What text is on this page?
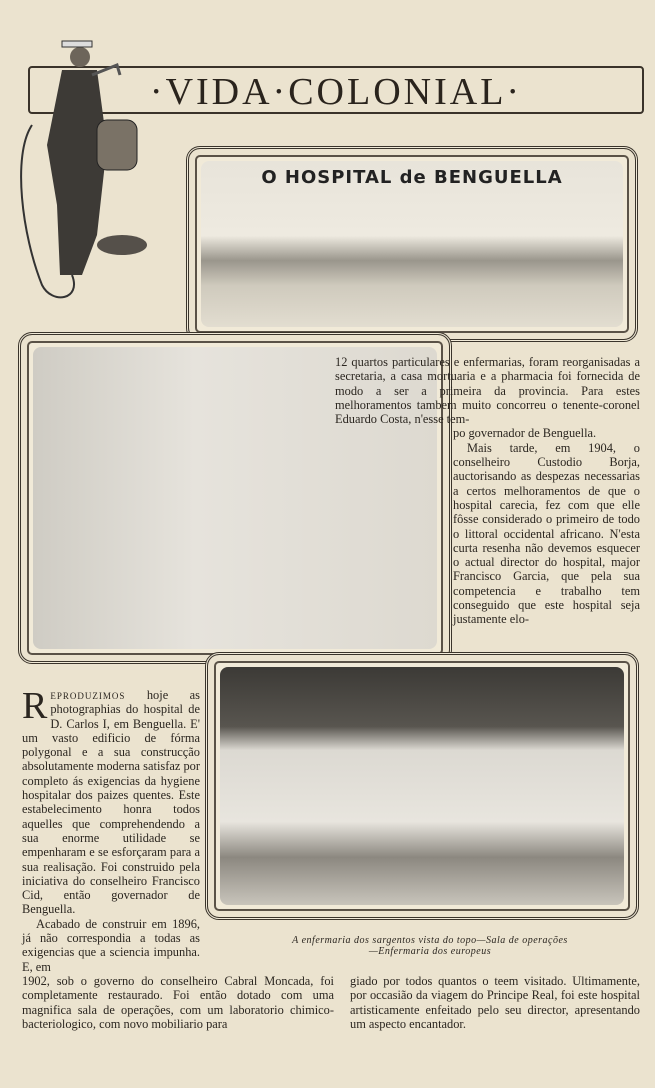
·VIDA·COLONIAL·
O HOSPITAL de BENGUELLA

12 quartos particulares e enfermarias, foram reorganisadas a secretaria, a casa mortuaria e a pharmacia foi fornecida de modo a ser a primeira da provincia. Para estes melhoramentos tambem muito concorreu o tenente-coronel Eduardo Costa, n'esse tem-

po governador de Benguella.

Mais tarde, em 1904, o conselheiro Custodio Borja, auctorisando as despezas necessarias a certos melhoramentos de que o hospital carecia, fez com que elle fôsse considerado o primeiro de todo o littoral occidental africano. N'esta curta resenha não devemos esquecer o actual director do hospital, major Francisco Garcia, que pela sua competencia e trabalho tem conseguido que este hospital seja justamente elo-

Reproduzimos hoje as photographias do hospital de D. Carlos I, em Benguella. E' um vasto edificio de fórma polygonal e a sua construcção absolutamente moderna satisfaz por completo ás exigencias da hygiene hospitalar dos paizes quentes. Este estabelecimento honra todos aquelles que comprehendendo a sua enorme utilidade se empenharam e se esforçaram para a sua realisação. Foi construido pela iniciativa do conselheiro Francisco Cid, então governador de Benguella.

Acabado de construir em 1896, já não correspondia a todas as exigencias que a sciencia impunha. E, em

1902, sob o governo do conselheiro Cabral Moncada, foi completamente restaurado. Foi então dotado com uma magnifica sala de operações, com um laboratorio chimico-bacteriologico, com novo mobiliario para

A enfermaria dos sargentos vista do topo—Sala de operações
—Enfermaria dos europeus

giado por todos quantos o teem visitado. Ultimamente, por occasião da viagem do Principe Real, foi este hospital artisticamente enfeitado pelo seu director, apresentando um aspecto encantador.
